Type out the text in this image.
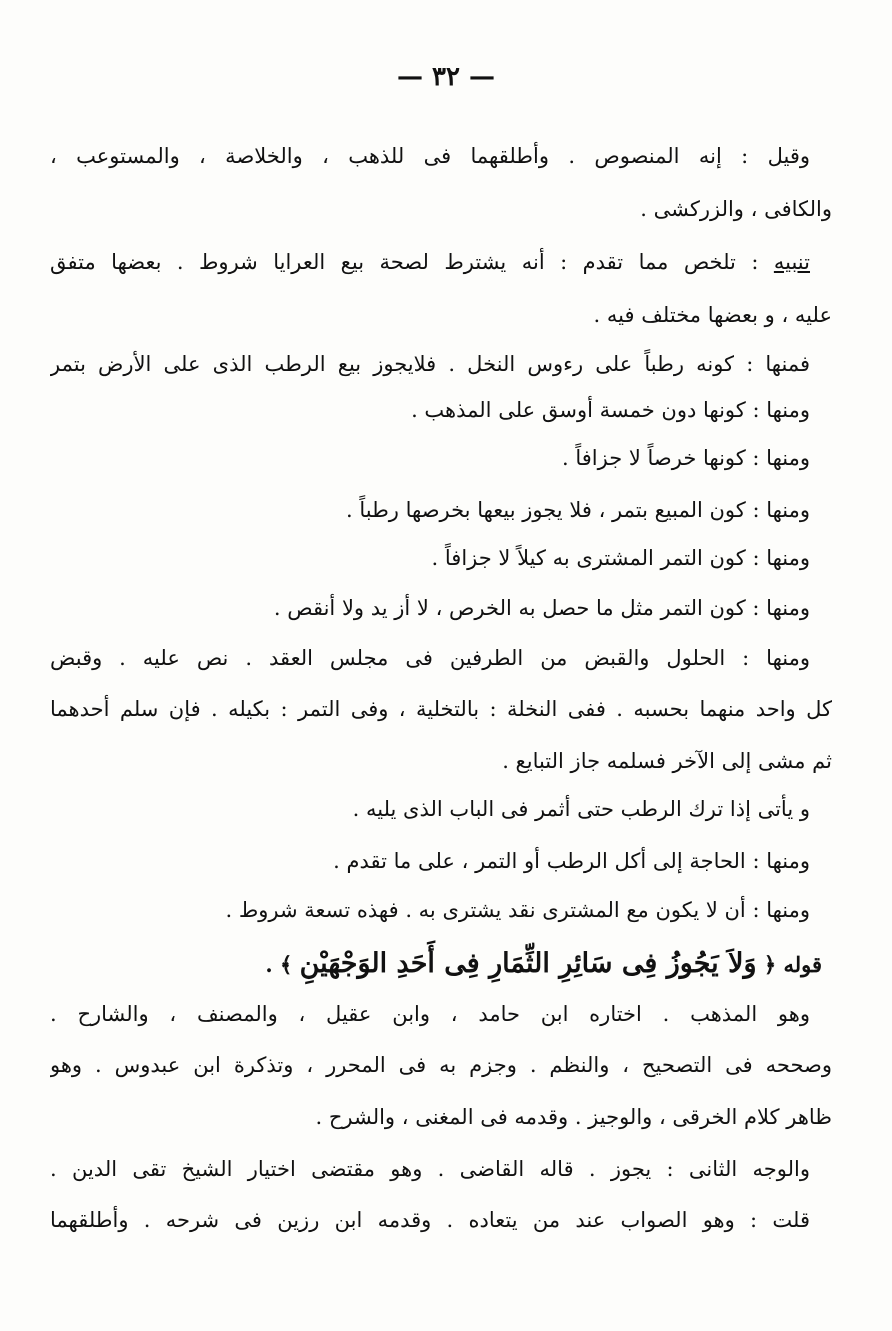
— ٣٢ —
وقيل : إنه المنصوص . وأطلقهما فى للذهب ، والخلاصة ، والمستوعب ،
والكافى ، والزركشى .
تنبيه : تلخص مما تقدم : أنه يشترط لصحة بيع العرايا شروط . بعضها متفق
عليه ، و بعضها مختلف فيه .
فمنها : كونه رطباً على رءوس النخل . فلايجوز بيع الرطب الذى على الأرض بتمر
ومنها : كونها دون خمسة أوسق على المذهب .
ومنها : كونها خرصاً لا جزافاً .
ومنها : كون المبيع بتمر ، فلا يجوز بيعها بخرصها رطباً .
ومنها : كون التمر المشترى به كيلاً لا جزافاً .
ومنها : كون التمر مثل ما حصل به الخرص ، لا أز يد ولا أنقص .
ومنها : الحلول والقبض من الطرفين فى مجلس العقد . نص عليه . وقبض
كل واحد منهما بحسبه . ففى النخلة : بالتخلية ، وفى التمر : بكيله . فإن سلم أحدهما
ثم مشى إلى الآخر فسلمه جاز التبايع .
و يأتى إذا ترك الرطب حتى أثمر فى الباب الذى يليه .
ومنها : الحاجة إلى أكل الرطب أو التمر ، على ما تقدم .
ومنها : أن لا يكون مع المشترى نقد يشترى به . فهذه تسعة شروط .
قوله ﴿ وَلاَ يَجُوزُ فِى سَائِرِ الثِّمَارِ فِى أَحَدِ الوَجْهَيْنِ ﴾ .
وهو المذهب . اختاره ابن حامد ، وابن عقيل ، والمصنف ، والشارح .
وصححه فى التصحيح ، والنظم . وجزم به فى المحرر ، وتذكرة ابن عبدوس . وهو
ظاهر كلام الخرقى ، والوجيز . وقدمه فى المغنى ، والشرح .
والوجه الثانى : يجوز . قاله القاضى . وهو مقتضى اختيار الشيخ تقى الدين .
قلت : وهو الصواب عند من يتعاده . وقدمه ابن رزين فى شرحه . وأطلقهما
